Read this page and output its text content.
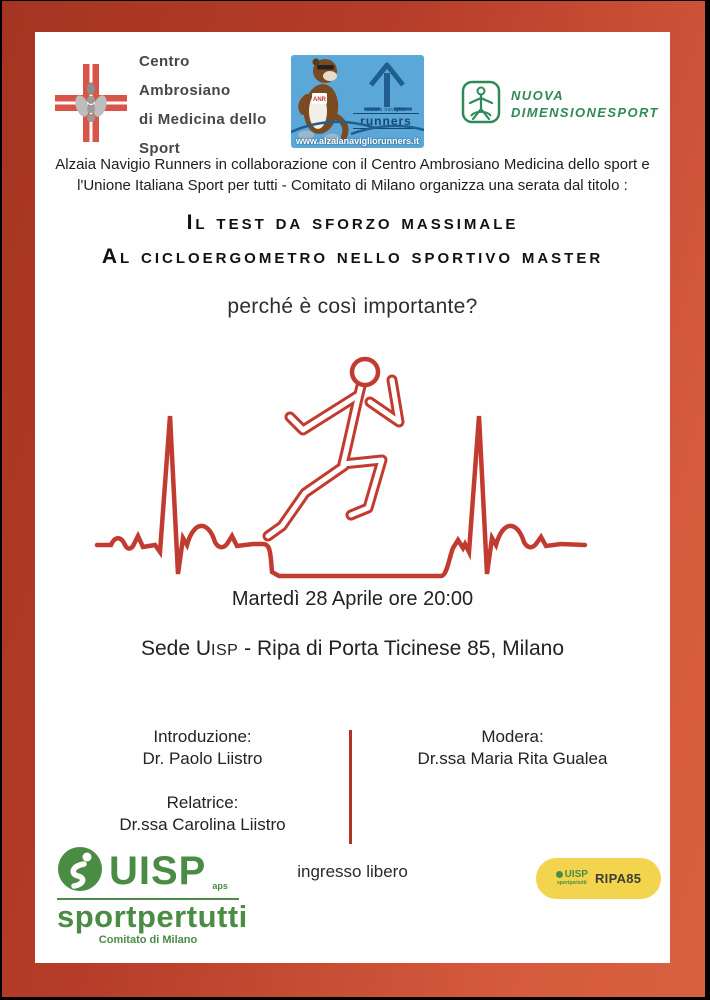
Centro Ambrosiano
di Medicina dello Sport
ANR
alzaia naviglio
runners
www.alzaianavigliorunners.it
NUOVA
DIMENSIONESPORT
Alzaia Navigio Runners in collaborazione con il Centro Ambrosiano Medicina dello sport e
l'Unione Italiana Sport per tutti - Comitato di Milano organizza una serata dal titolo :
Il test da sforzo massimale
Al cicloergometro nello sportivo master
perché è così importante?
Martedì 28 Aprile ore 20:00
Sede UISP - Ripa di Porta Ticinese 85, Milano
Introduzione:
Dr. Paolo Liistro
Relatrice:
Dr.ssa Carolina Liistro
Modera:
Dr.ssa Maria Rita Gualea
UISP aps
sportpertutti
Comitato di Milano
ingresso libero	UISP
sportpertutti RIPA85
